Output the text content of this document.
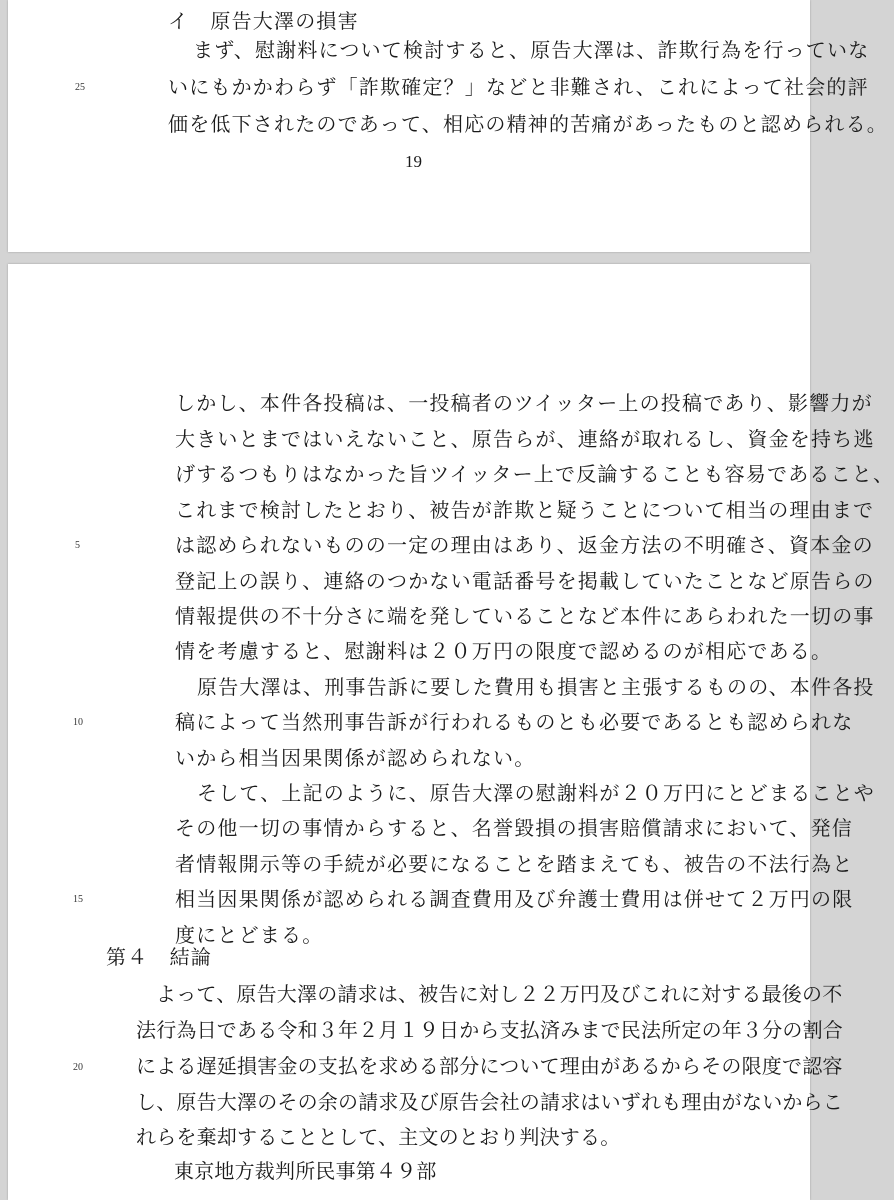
イ　原告大澤の損害
まず、慰謝料について検討すると、原告大澤は、詐欺行為を行っていな
25	いにもかかわらず「詐欺確定？」などと非難され、これによって社会的評
価を低下されたのであって、相応の精神的苦痛があったものと認められる。
19
しかし、本件各投稿は、一投稿者のツイッター上の投稿であり、影響力が
大きいとまではいえないこと、原告らが、連絡が取れるし、資金を持ち逃
げするつもりはなかった旨ツイッター上で反論することも容易であること、
これまで検討したとおり、被告が詐欺と疑うことについて相当の理由まで
5	は認められないものの一定の理由はあり、返金方法の不明確さ、資本金の
登記上の誤り、連絡のつかない電話番号を掲載していたことなど原告らの
情報提供の不十分さに端を発していることなど本件にあらわれた一切の事
情を考慮すると、慰謝料は２０万円の限度で認めるのが相応である。
原告大澤は、刑事告訴に要した費用も損害と主張するものの、本件各投
10	稿によって当然刑事告訴が行われるものとも必要であるとも認められな
いから相当因果関係が認められない。
そして、上記のように、原告大澤の慰謝料が２０万円にとどまることや
その他一切の事情からすると、名誉毀損の損害賠償請求において、発信
者情報開示等の手続が必要になることを踏まえても、被告の不法行為と
15	相当因果関係が認められる調査費用及び弁護士費用は併せて２万円の限
度にとどまる。
第４　結論
よって、原告大澤の請求は、被告に対し２２万円及びこれに対する最後の不
法行為日である令和３年２月１９日から支払済みまで民法所定の年３分の割合
20	による遅延損害金の支払を求める部分について理由があるからその限度で認容
し、原告大澤のその余の請求及び原告会社の請求はいずれも理由がないからこ
れらを棄却することとして、主文のとおり判決する。
東京地方裁判所民事第４９部
